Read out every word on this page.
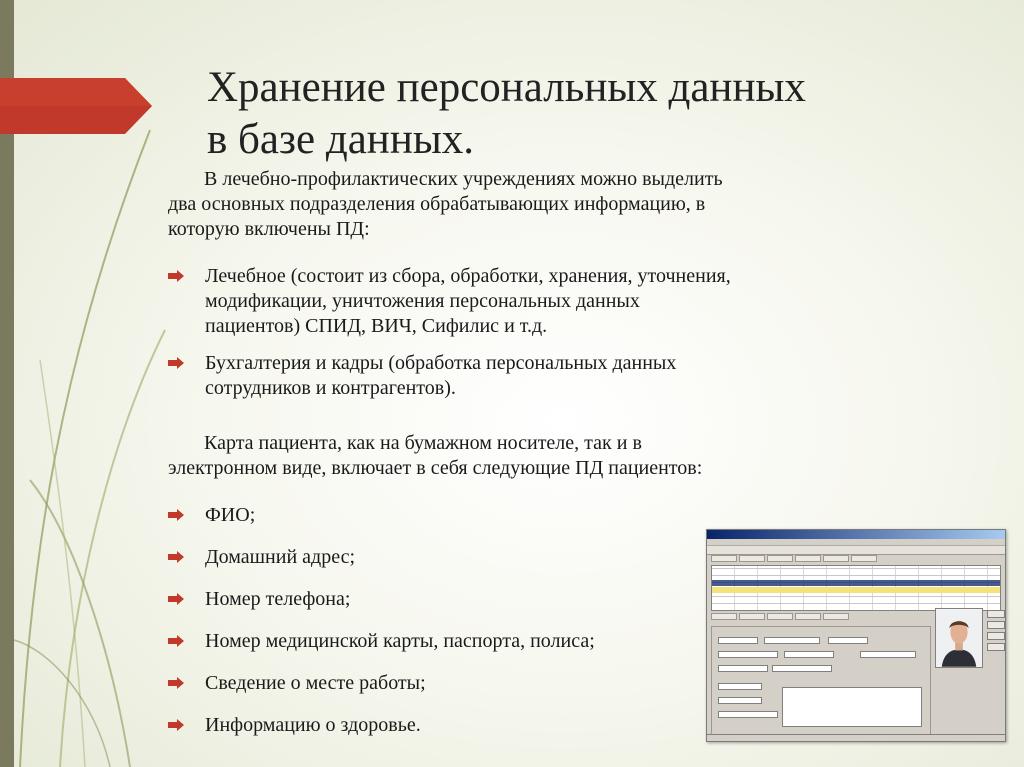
Хранение персональных данных
в базе данных.

В лечебно-профилактических учреждениях можно выделить
два основных подразделения обрабатывающих информацию, в
которую включены ПД:

Лечебное (состоит из сбора, обработки, хранения, уточнения,
модификации, уничтожения персональных данных
пациентов) СПИД, ВИЧ, Сифилис и т.д.
Бухгалтерия и кадры (обработка персональных данных
сотрудников и контрагентов).

Карта пациента, как на бумажном носителе, так и в
электронном виде, включает в себя следующие ПД пациентов:

ФИО;
Домашний адрес;
Номер телефона;
Номер медицинской карты, паспорта, полиса;
Сведение о месте работы;
Информацию о здоровье.
